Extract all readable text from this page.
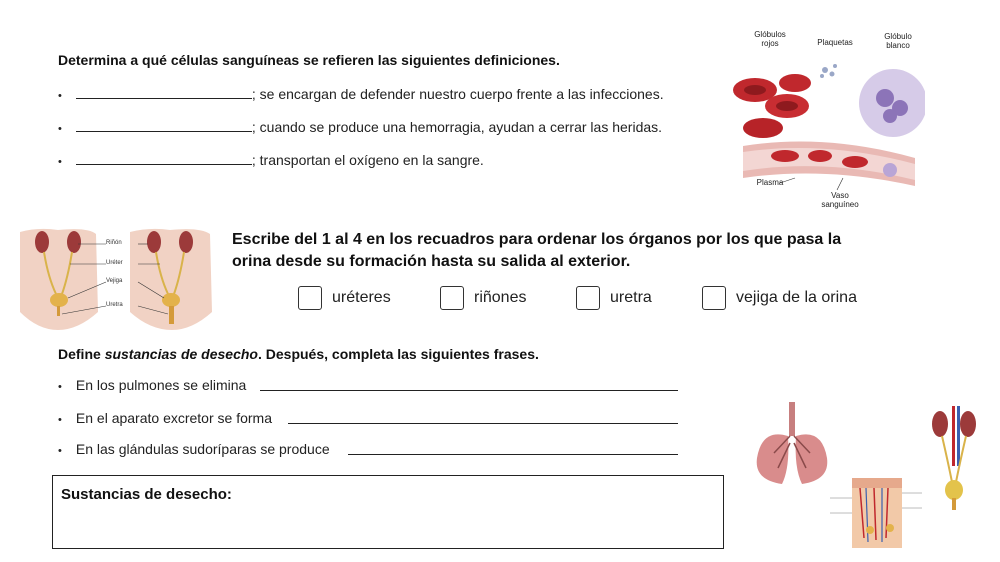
Determina a qué células sanguíneas se refieren las siguientes definiciones.
•	; se encargan de defender nuestro cuerpo frente a las infecciones.
•	; cuando se produce una hemorragia, ayudan a cerrar las heridas.
•	; transportan el oxígeno en la sangre.
Glóbulos rojos	Plaquetas
Glóbulo blanco
Plasma
Vaso sanguíneo
Riñón
Uréter
Vejiga
Uretra
Escribe del 1 al 4 en los recuadros para ordenar los órganos por los que pasa la orina desde su formación hasta su salida al exterior.
uréteres	riñones	uretra	vejiga de la orina
Define sustancias de desecho. Después, completa las siguientes frases.
• En los pulmones se elimina
• En el aparato excretor se forma
• En las glándulas sudoríparas se produce
Sustancias de desecho:
